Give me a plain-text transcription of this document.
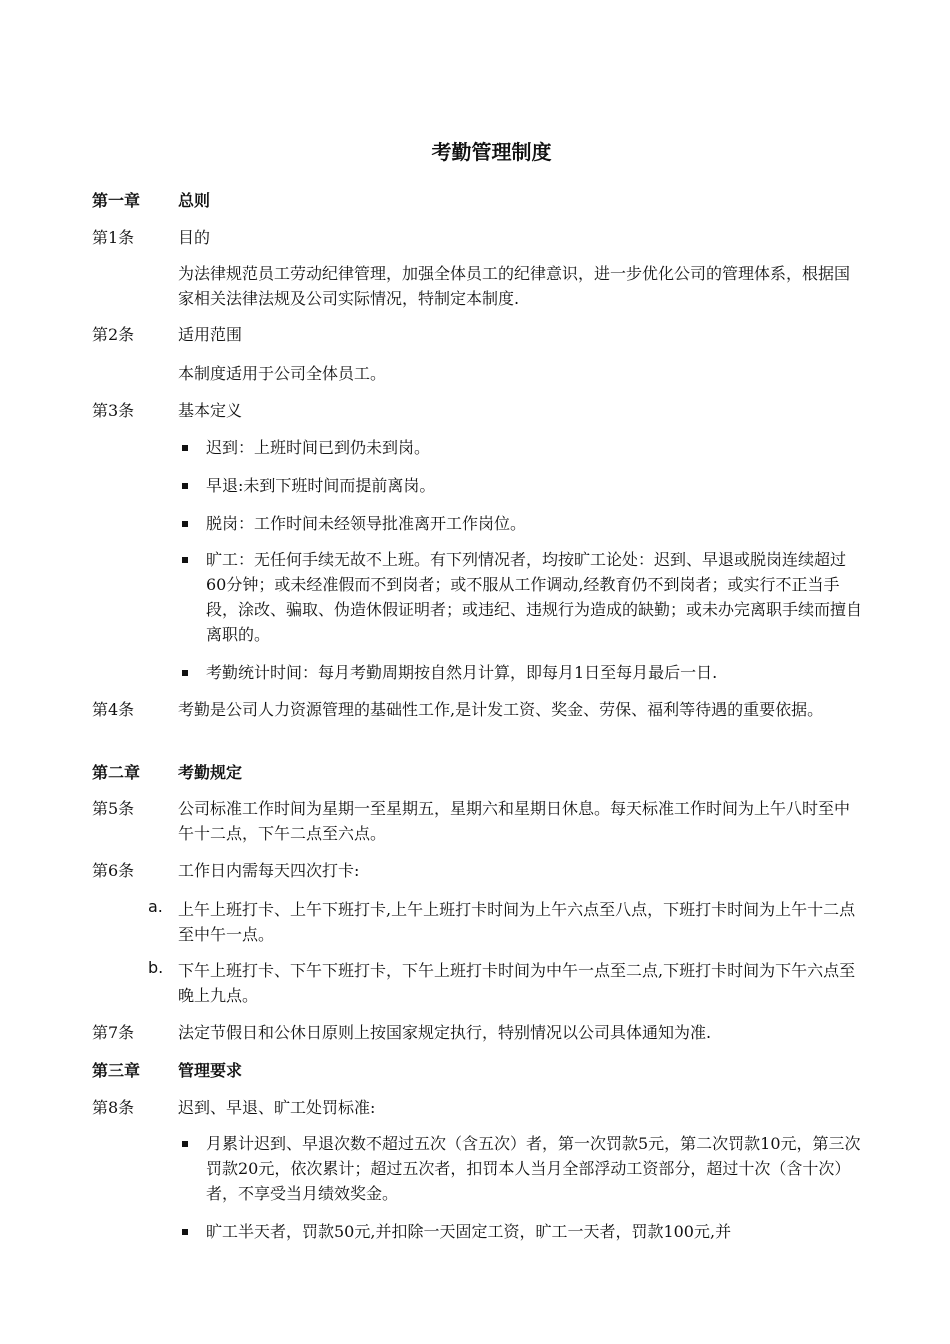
考勤管理制度
第一章 总则
第1条	目的
为法律规范员工劳动纪律管理，加强全体员工的纪律意识，进一步优化公司的管理体系，根据国家相关法律法规及公司实际情况，特制定本制度.
第2条	适用范围
本制度适用于公司全体员工。
第3条	基本定义
迟到：上班时间已到仍未到岗。
早退:未到下班时间而提前离岗。
脱岗：工作时间未经领导批准离开工作岗位。
旷工：无任何手续无故不上班。有下列情况者，均按旷工论处：迟到、早退或脱岗连续超过60分钟；或未经准假而不到岗者；或不服从工作调动,经教育仍不到岗者；或实行不正当手段，涂改、骗取、伪造休假证明者；或违纪、违规行为造成的缺勤；或未办完离职手续而擅自离职的。
考勤统计时间：每月考勤周期按自然月计算，即每月1日至每月最后一日.
第4条	考勤是公司人力资源管理的基础性工作,是计发工资、奖金、劳保、福利等待遇的重要依据。
第二章 考勤规定
第5条	公司标准工作时间为星期一至星期五，星期六和星期日休息。每天标准工作时间为上午八时至中午十二点，下午二点至六点。
第6条	工作日内需每天四次打卡:
a. 上午上班打卡、上午下班打卡,上午上班打卡时间为上午六点至八点，下班打卡时间为上午十二点至中午一点。
b. 下午上班打卡、下午下班打卡，下午上班打卡时间为中午一点至二点,下班打卡时间为下午六点至晚上九点。
第7条	法定节假日和公休日原则上按国家规定执行，特别情况以公司具体通知为准.
第三章 管理要求
第8条	迟到、早退、旷工处罚标准:
月累计迟到、早退次数不超过五次（含五次）者，第一次罚款5元，第二次罚款10元，第三次罚款20元，依次累计；超过五次者，扣罚本人当月全部浮动工资部分，超过十次（含十次）者，不享受当月绩效奖金。
旷工半天者，罚款50元,并扣除一天固定工资，旷工一天者，罚款100元,并
